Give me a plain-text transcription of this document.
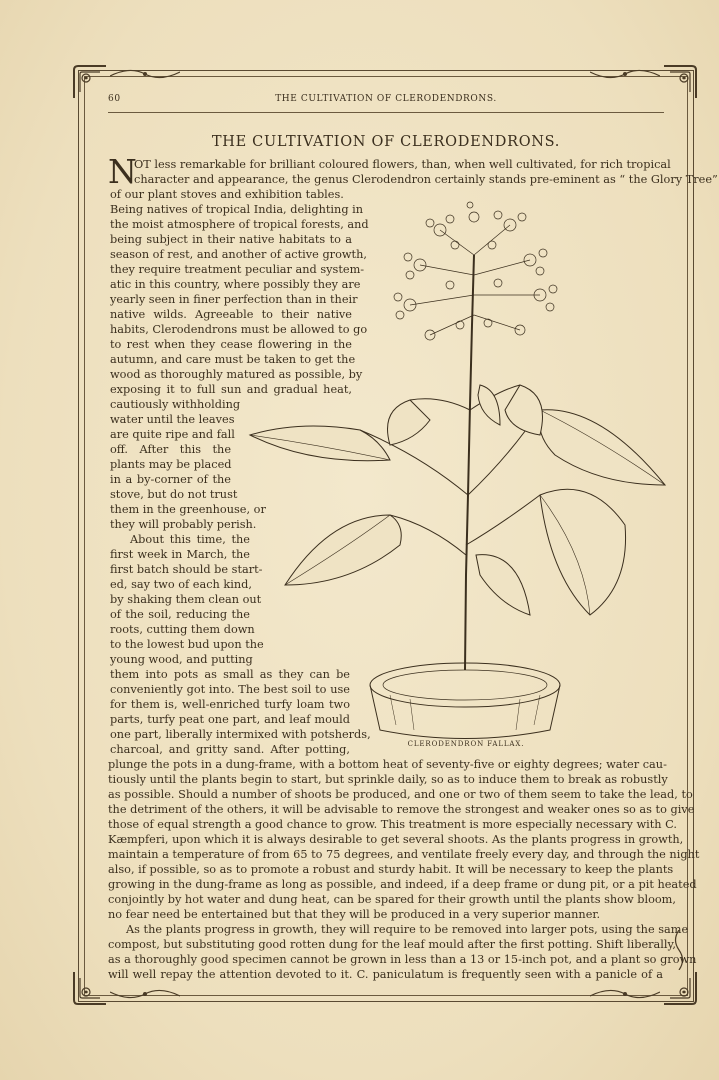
60	THE CULTIVATION OF CLERODENDRONS.
THE CULTIVATION OF CLERODENDRONS.
N
OT less remarkable for brilliant coloured flowers, than, when well cultivated, for rich tropical
character and appearance, the genus Clerodendron certainly stands pre-eminent as “ the Glory Tree”
of our plant stoves and exhibition tables.
Being natives of tropical India, delighting in
the moist atmosphere of tropical forests, and
being subject in their native habitats to a
season of rest, and another of active growth,
they require treatment peculiar and system-
atic in this country, where possibly they are
yearly seen in finer perfection than in their
native wilds. Agreeable to their native
habits, Clerodendrons must be allowed to go
to rest when they cease flowering in the
autumn, and care must be taken to get the
wood as thoroughly matured as possible, by
exposing it to full sun and gradual heat,
cautiously withholding
water until the leaves
are quite ripe and fall
off. After this the
plants may be placed
in a by-corner of the
stove, but do not trust
them in the greenhouse, or
they will probably perish.
About this time, the
first week in March, the
first batch should be start-
ed, say two of each kind,
by shaking them clean out
of the soil, reducing the
roots, cutting them down
to the lowest bud upon the
young wood, and putting
them into pots as small as they can be
conveniently got into. The best soil to use
for them is, well-enriched turfy loam two
parts, turfy peat one part, and leaf mould
one part, liberally intermixed with potsherds,
charcoal, and gritty sand. After potting,
plunge the pots in a dung-frame, with a bottom heat of seventy-five or eighty degrees; water cau-
tiously until the plants begin to start, but sprinkle daily, so as to induce them to break as robustly
as possible. Should a number of shoots be produced, and one or two of them seem to take the lead, to
the detriment of the others, it will be advisable to remove the strongest and weaker ones so as to give
those of equal strength a good chance to grow. This treatment is more especially necessary with C.
Kæmpferi, upon which it is always desirable to get several shoots. As the plants progress in growth,
maintain a temperature of from 65 to 75 degrees, and ventilate freely every day, and through the night
also, if possible, so as to promote a robust and sturdy habit. It will be necessary to keep the plants
growing in the dung-frame as long as possible, and indeed, if a deep frame or dung pit, or a pit heated
conjointly by hot water and dung heat, can be spared for their growth until the plants show bloom,
no fear need be entertained but that they will be produced in a very superior manner.
As the plants progress in growth, they will require to be removed into larger pots, using the same
compost, but substituting good rotten dung for the leaf mould after the first potting. Shift liberally,
as a thoroughly good specimen cannot be grown in less than a 13 or 15-inch pot, and a plant so grown
will well repay the attention devoted to it. C. paniculatum is frequently seen with a panicle of a
CLERODENDRON FALLAX.
